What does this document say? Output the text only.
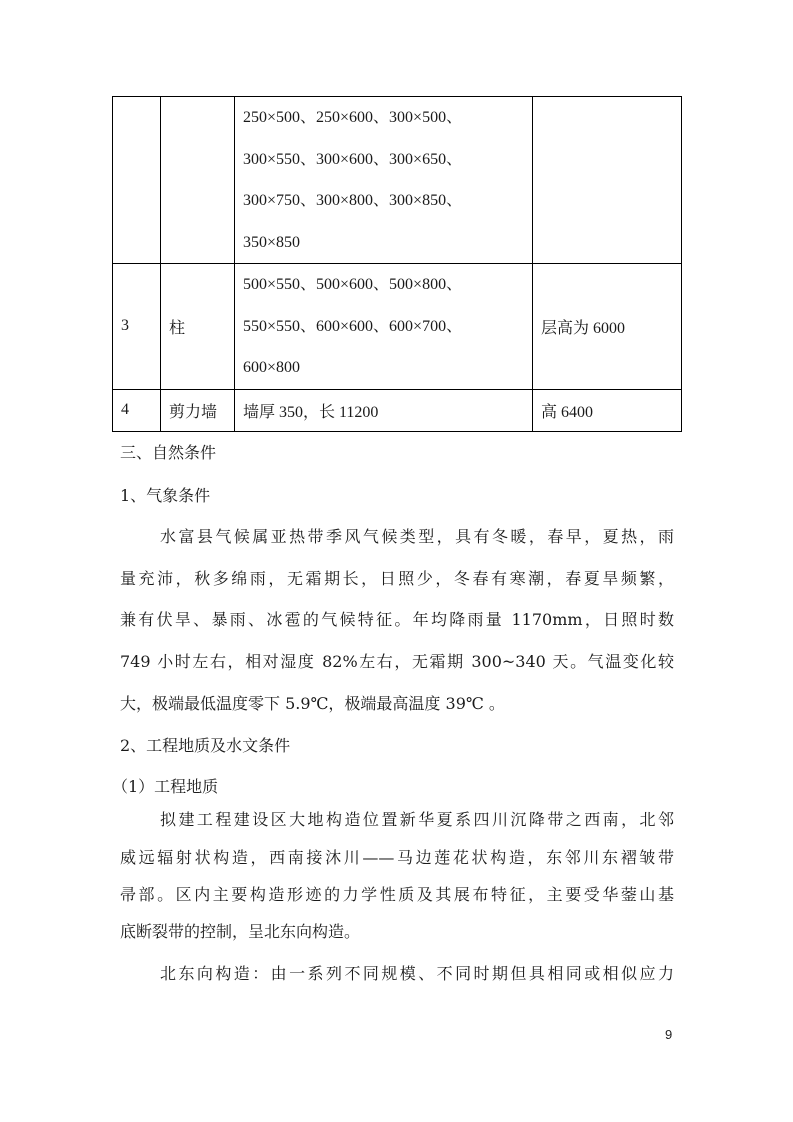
		250×500、250×600、300×500、
300×550、300×600、300×650、
300×750、300×800、300×850、
350×850	

3	柱	500×550、500×600、500×800、
550×550、600×600、600×700、
600×800	层高为 6000
4	剪力墙	墙厚 350，长 11200	高 6400
三、自然条件
1、气象条件
水富县气候属亚热带季风气候类型，具有冬暖，春早，夏热，雨
量充沛，秋多绵雨，无霜期长，日照少，冬春有寒潮，春夏旱频繁，
兼有伏旱、暴雨、冰雹的气候特征。年均降雨量 1170mm，日照时数
749 小时左右，相对湿度 82%左右，无霜期 300~340 天。气温变化较
大，极端最低温度零下 5.9℃，极端最高温度 39℃ 。
2、工程地质及水文条件
（1）工程地质
拟建工程建设区大地构造位置新华夏系四川沉降带之西南，北邻
威远辐射状构造，西南接沐川——马边莲花状构造，东邻川东褶皱带
帚部。区内主要构造形迹的力学性质及其展布特征，主要受华蓥山基
底断裂带的控制，呈北东向构造。
北东向构造：由一系列不同规模、不同时期但具相同或相似应力
9
